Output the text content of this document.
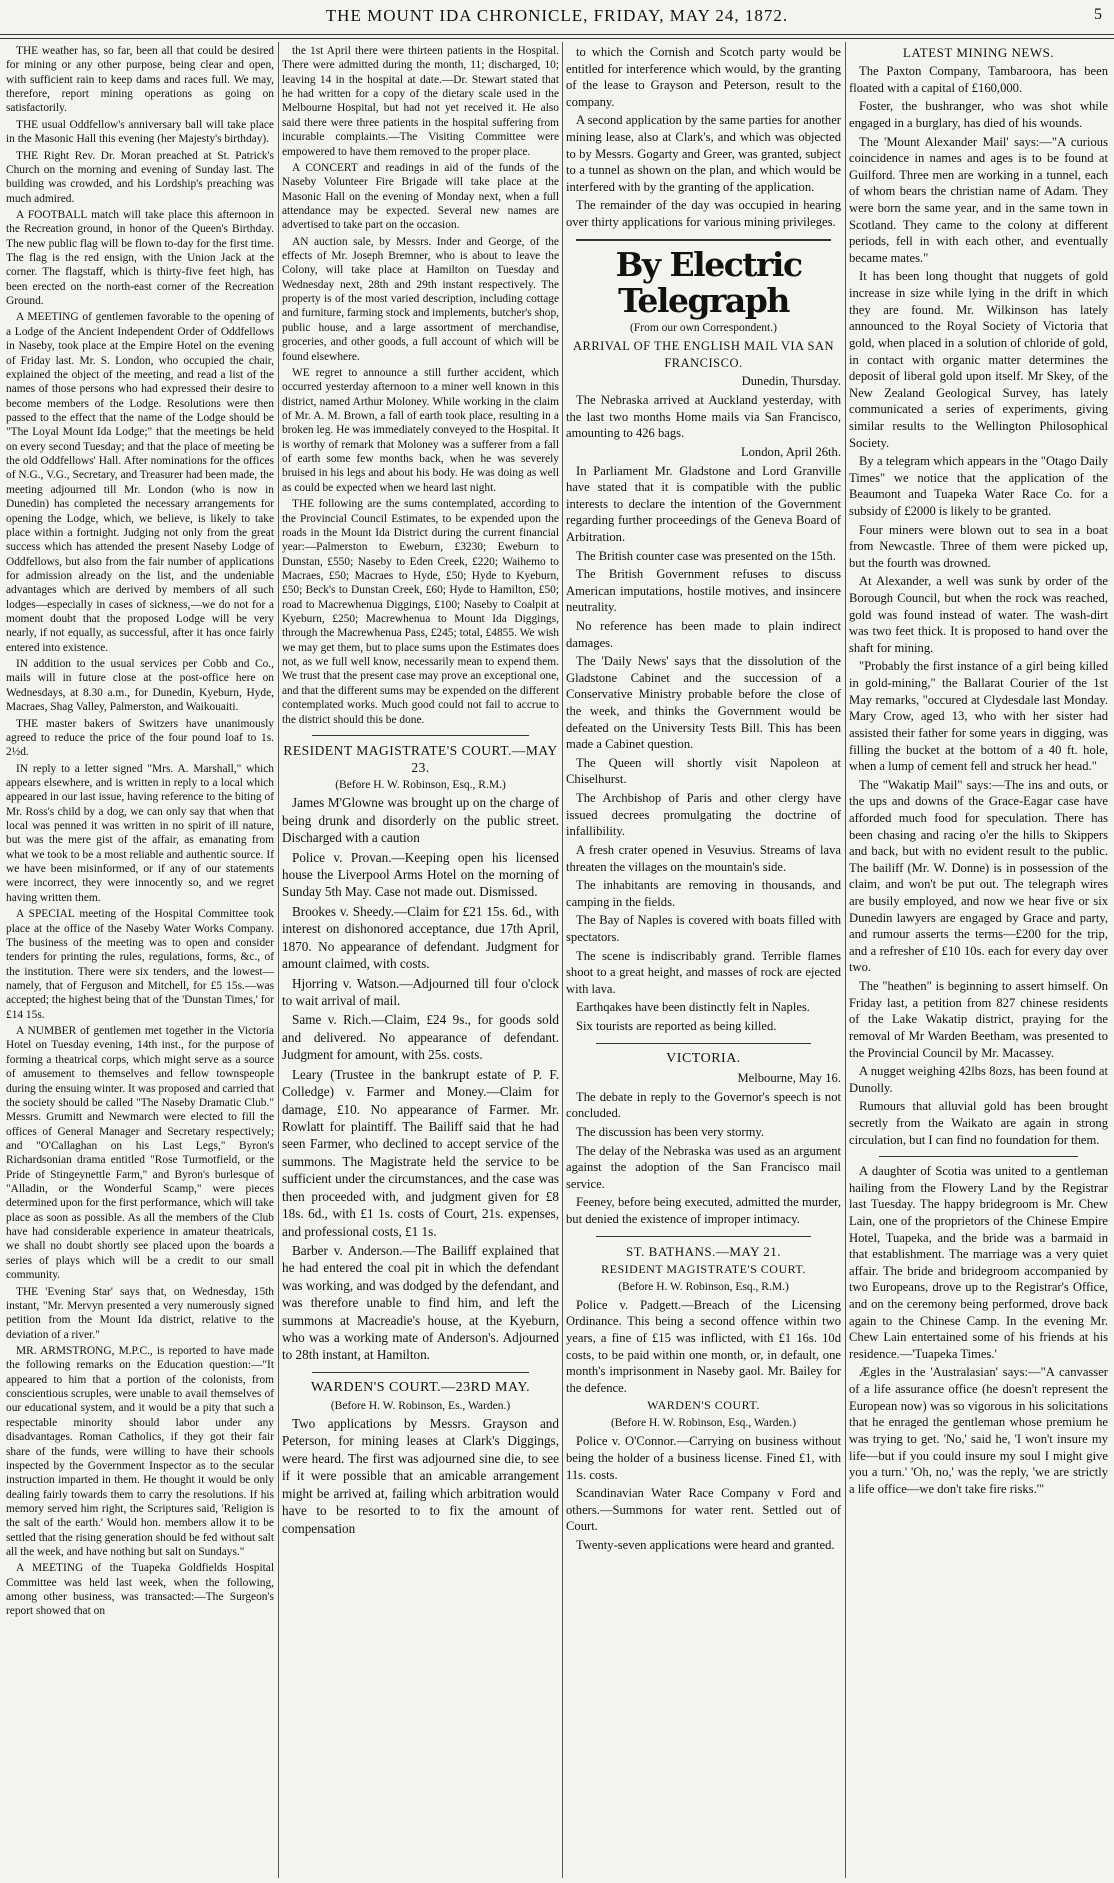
THE MOUNT IDA CHRONICLE, FRIDAY, MAY 24, 1872.	5

THE weather has, so far, been all that could be desired for mining or any other purpose, being clear and open, with sufficient rain to keep dams and races full. We may, therefore, report mining operations as going on satisfactorily.

THE usual Oddfellow's anniversary ball will take place in the Masonic Hall this evening (her Majesty's birthday).

THE Right Rev. Dr. Moran preached at St. Patrick's Church on the morning and evening of Sunday last. The building was crowded, and his Lordship's preaching was much admired.

A FOOTBALL match will take place this afternoon in the Recreation ground, in honor of the Queen's Birthday. The new public flag will be flown to-day for the first time. The flag is the red ensign, with the Union Jack at the corner. The flagstaff, which is thirty-five feet high, has been erected on the north-east corner of the Recreation Ground.

A MEETING of gentlemen favorable to the opening of a Lodge of the Ancient Independent Order of Oddfellows in Naseby, took place at the Empire Hotel on the evening of Friday last. Mr. S. London, who occupied the chair, explained the object of the meeting, and read a list of the names of those persons who had expressed their desire to become members of the Lodge. Resolutions were then passed to the effect that the name of the Lodge should be "The Loyal Mount Ida Lodge;" that the meetings be held on every second Tuesday; and that the place of meeting be the old Oddfellows' Hall. After nominations for the offices of N.G., V.G., Secretary, and Treasurer had been made, the meeting adjourned till Mr. London (who is now in Dunedin) has completed the necessary arrangements for opening the Lodge, which, we believe, is likely to take place within a fortnight. Judging not only from the great success which has attended the present Naseby Lodge of Oddfellows, but also from the fair number of applications for admission already on the list, and the undeniable advantages which are derived by members of all such lodges—especially in cases of sickness,—we do not for a moment doubt that the proposed Lodge will be very nearly, if not equally, as successful, after it has once fairly entered into existence.

IN addition to the usual services per Cobb and Co., mails will in future close at the post-office here on Wednesdays, at 8.30 a.m., for Dunedin, Kyeburn, Hyde, Macraes, Shag Valley, Palmerston, and Waikouaiti.

THE master bakers of Switzers have unanimously agreed to reduce the price of the four pound loaf to 1s. 2½d.

IN reply to a letter signed "Mrs. A. Marshall," which appears elsewhere, and is written in reply to a local which appeared in our last issue, having reference to the biting of Mr. Ross's child by a dog, we can only say that when that local was penned it was written in no spirit of ill nature, but was the mere gist of the affair, as emanating from what we took to be a most reliable and authentic source. If we have been misinformed, or if any of our statements were incorrect, they were innocently so, and we regret having written them.

A SPECIAL meeting of the Hospital Committee took place at the office of the Naseby Water Works Company. The business of the meeting was to open and consider tenders for printing the rules, regulations, forms, &c., of the institution. There were six tenders, and the lowest—namely, that of Ferguson and Mitchell, for £5 15s.—was accepted; the highest being that of the 'Dunstan Times,' for £14 15s.

A NUMBER of gentlemen met together in the Victoria Hotel on Tuesday evening, 14th inst., for the purpose of forming a theatrical corps, which might serve as a source of amusement to themselves and fellow townspeople during the ensuing winter. It was proposed and carried that the society should be called "The Naseby Dramatic Club." Messrs. Grumitt and Newmarch were elected to fill the offices of General Manager and Secretary respectively; and "O'Callaghan on his Last Legs," Byron's Richardsonian drama entitled "Rose Turmotfield, or the Pride of Stingeynettle Farm," and Byron's burlesque of "Alladin, or the Wonderful Scamp," were pieces determined upon for the first performance, which will take place as soon as possible. As all the members of the Club have had considerable experience in amateur theatricals, we shall no doubt shortly see placed upon the boards a series of plays which will be a credit to our small community.

THE 'Evening Star' says that, on Wednesday, 15th instant, "Mr. Mervyn presented a very numerously signed petition from the Mount Ida district, relative to the deviation of a river."

MR. ARMSTRONG, M.P.C., is reported to have made the following remarks on the Education question:—"It appeared to him that a portion of the colonists, from conscientious scruples, were unable to avail themselves of our educational system, and it would be a pity that such a respectable minority should labor under any disadvantages. Roman Catholics, if they got their fair share of the funds, were willing to have their schools inspected by the Government Inspector as to the secular instruction imparted in them. He thought it would be only dealing fairly towards them to carry the resolutions. If his memory served him right, the Scriptures said, 'Religion is the salt of the earth.' Would hon. members allow it to be settled that the rising generation should be fed without salt all the week, and have nothing but salt on Sundays."

A MEETING of the Tuapeka Goldfields Hospital Committee was held last week, when the following, among other business, was transacted:—The Surgeon's report showed that on

the 1st April there were thirteen patients in the Hospital. There were admitted during the month, 11; discharged, 10; leaving 14 in the hospital at date.—Dr. Stewart stated that he had written for a copy of the dietary scale used in the Melbourne Hospital, but had not yet received it. He also said there were three patients in the hospital suffering from incurable complaints.—The Visiting Committee were empowered to have them removed to the proper place.

A CONCERT and readings in aid of the funds of the Naseby Volunteer Fire Brigade will take place at the Masonic Hall on the evening of Monday next, when a full attendance may be expected. Several new names are advertised to take part on the occasion.

AN auction sale, by Messrs. Inder and George, of the effects of Mr. Joseph Bremner, who is about to leave the Colony, will take place at Hamilton on Tuesday and Wednesday next, 28th and 29th instant respectively. The property is of the most varied description, including cottage and furniture, farming stock and implements, butcher's shop, public house, and a large assortment of merchandise, groceries, and other goods, a full account of which will be found elsewhere.

WE regret to announce a still further accident, which occurred yesterday afternoon to a miner well known in this district, named Arthur Moloney. While working in the claim of Mr. A. M. Brown, a fall of earth took place, resulting in a broken leg. He was immediately conveyed to the Hospital. It is worthy of remark that Moloney was a sufferer from a fall of earth some few months back, when he was severely bruised in his legs and about his body. He was doing as well as could be expected when we heard last night.

THE following are the sums contemplated, according to the Provincial Council Estimates, to be expended upon the roads in the Mount Ida District during the current financial year:—Palmerston to Eweburn, £3230; Eweburn to Dunstan, £550; Naseby to Eden Creek, £220; Waihemo to Macraes, £50; Macraes to Hyde, £50; Hyde to Kyeburn, £50; Beck's to Dunstan Creek, £60; Hyde to Hamilton, £50; road to Macrewhenua Diggings, £100; Naseby to Coalpit at Kyeburn, £250; Macrewhenua to Mount Ida Diggings, through the Macrewhenua Pass, £245; total, £4855. We wish we may get them, but to place sums upon the Estimates does not, as we full well know, necessarily mean to expend them. We trust that the present case may prove an exceptional one, and that the different sums may be expended on the different contemplated works. Much good could not fail to accrue to the district should this be done.

RESIDENT MAGISTRATE'S COURT.—MAY 23.

(Before H. W. Robinson, Esq., R.M.)

James M'Glowne was brought up on the charge of being drunk and disorderly on the public street. Discharged with a caution

Police v. Provan.—Keeping open his licensed house the Liverpool Arms Hotel on the morning of Sunday 5th May. Case not made out. Dismissed.

Brookes v. Sheedy.—Claim for £21 15s. 6d., with interest on dishonored acceptance, due 17th April, 1870. No appearance of defendant. Judgment for amount claimed, with costs.

Hjorring v. Watson.—Adjourned till four o'clock to wait arrival of mail.

Same v. Rich.—Claim, £24 9s., for goods sold and delivered. No appearance of defendant. Judgment for amount, with 25s. costs.

Leary (Trustee in the bankrupt estate of P. F. Colledge) v. Farmer and Money.—Claim for damage, £10. No appearance of Farmer. Mr. Rowlatt for plaintiff. The Bailiff said that he had seen Farmer, who declined to accept service of the summons. The Magistrate held the service to be sufficient under the circumstances, and the case was then proceeded with, and judgment given for £8 18s. 6d., with £1 1s. costs of Court, 21s. expenses, and professional costs, £1 1s.

Barber v. Anderson.—The Bailiff explained that he had entered the coal pit in which the defendant was working, and was dodged by the defendant, and was therefore unable to find him, and left the summons at Macreadie's house, at the Kyeburn, who was a working mate of Anderson's. Adjourned to 28th instant, at Hamilton.

WARDEN'S COURT.—23RD MAY.

(Before H. W. Robinson, Es., Warden.)

Two applications by Messrs. Grayson and Peterson, for mining leases at Clark's Diggings, were heard. The first was adjourned sine die, to see if it were possible that an amicable arrangement might be arrived at, failing which arbitration would have to be resorted to to fix the amount of compensation

to which the Cornish and Scotch party would be entitled for interference which would, by the granting of the lease to Grayson and Peterson, result to the company.

A second application by the same parties for another mining lease, also at Clark's, and which was objected to by Messrs. Gogarty and Greer, was granted, subject to a tunnel as shown on the plan, and which would be interfered with by the granting of the application.

The remainder of the day was occupied in hearing over thirty applications for various mining privileges.

By Electric Telegraph

(From our own Correspondent.)

ARRIVAL OF THE ENGLISH MAIL VIA SAN FRANCISCO.

Dunedin, Thursday.

The Nebraska arrived at Auckland yesterday, with the last two months Home mails via San Francisco, amounting to 426 bags.

London, April 26th.

In Parliament Mr. Gladstone and Lord Granville have stated that it is compatible with the public interests to declare the intention of the Government regarding further proceedings of the Geneva Board of Arbitration.

The British counter case was presented on the 15th.

The British Government refuses to discuss American imputations, hostile motives, and insincere neutrality.

No reference has been made to plain indirect damages.

The 'Daily News' says that the dissolution of the Gladstone Cabinet and the succession of a Conservative Ministry probable before the close of the week, and thinks the Government would be defeated on the University Tests Bill. This has been made a Cabinet question.

The Queen will shortly visit Napoleon at Chiselhurst.

The Archbishop of Paris and other clergy have issued decrees promulgating the doctrine of infallibility.

A fresh crater opened in Vesuvius. Streams of lava threaten the villages on the mountain's side.

The inhabitants are removing in thousands, and camping in the fields.

The Bay of Naples is covered with boats filled with spectators.

The scene is indiscribably grand. Terrible flames shoot to a great height, and masses of rock are ejected with lava.

Earthqakes have been distinctly felt in Naples.

Six tourists are reported as being killed.

VICTORIA.

Melbourne, May 16.

The debate in reply to the Governor's speech is not concluded.

The discussion has been very stormy.

The delay of the Nebraska was used as an argument against the adoption of the San Francisco mail service.

Feeney, before being executed, admitted the murder, but denied the existence of improper intimacy.

ST. BATHANS.—MAY 21.

RESIDENT MAGISTRATE'S COURT.

(Before H. W. Robinson, Esq., R.M.)

Police v. Padgett.—Breach of the Licensing Ordinance. This being a second offence within two years, a fine of £15 was inflicted, with £1 16s. 10d costs, to be paid within one month, or, in default, one month's imprisonment in Naseby gaol. Mr. Bailey for the defence.

WARDEN'S COURT.

(Before H. W. Robinson, Esq., Warden.)

Police v. O'Connor.—Carrying on business without being the holder of a business license. Fined £1, with 11s. costs.

Scandinavian Water Race Company v Ford and others.—Summons for water rent. Settled out of Court.

Twenty-seven applications were heard and granted.

LATEST MINING NEWS.

The Paxton Company, Tambaroora, has been floated with a capital of £160,000.

Foster, the bushranger, who was shot while engaged in a burglary, has died of his wounds.

The 'Mount Alexander Mail' says:—"A curious coincidence in names and ages is to be found at Guilford. Three men are working in a tunnel, each of whom bears the christian name of Adam. They were born the same year, and in the same town in Scotland. They came to the colony at different periods, fell in with each other, and eventually became mates."

It has been long thought that nuggets of gold increase in size while lying in the drift in which they are found. Mr. Wilkinson has lately announced to the Royal Society of Victoria that gold, when placed in a solution of chloride of gold, in contact with organic matter determines the deposit of liberal gold upon itself. Mr Skey, of the New Zealand Geological Survey, has lately communicated a series of experiments, giving similar results to the Wellington Philosophical Society.

By a telegram which appears in the "Otago Daily Times" we notice that the application of the Beaumont and Tuapeka Water Race Co. for a subsidy of £2000 is likely to be granted.

Four miners were blown out to sea in a boat from Newcastle. Three of them were picked up, but the fourth was drowned.

At Alexander, a well was sunk by order of the Borough Council, but when the rock was reached, gold was found instead of water. The wash-dirt was two feet thick. It is proposed to hand over the shaft for mining.

"Probably the first instance of a girl being killed in gold-mining," the Ballarat Courier of the 1st May remarks, "occured at Clydesdale last Monday. Mary Crow, aged 13, who with her sister had assisted their father for some years in digging, was filling the bucket at the bottom of a 40 ft. hole, when a lump of cement fell and struck her head."

The "Wakatip Mail" says:—The ins and outs, or the ups and downs of the Grace-Eagar case have afforded much food for speculation. There has been chasing and racing o'er the hills to Skippers and back, but with no evident result to the public. The bailiff (Mr. W. Donne) is in possession of the claim, and won't be put out. The telegraph wires are busily employed, and now we hear five or six Dunedin lawyers are engaged by Grace and party, and rumour asserts the terms—£200 for the trip, and a refresher of £10 10s. each for every day over two.

The "heathen" is beginning to assert himself. On Friday last, a petition from 827 chinese residents of the Lake Wakatip district, praying for the removal of Mr Warden Beetham, was presented to the Provincial Council by Mr. Macassey.

A nugget weighing 42lbs 8ozs, has been found at Dunolly.

Rumours that alluvial gold has been brought secretly from the Waikato are again in strong circulation, but I can find no foundation for them.

A daughter of Scotia was united to a gentleman hailing from the Flowery Land by the Registrar last Tuesday. The happy bridegroom is Mr. Chew Lain, one of the proprietors of the Chinese Empire Hotel, Tuapeka, and the bride was a barmaid in that establishment. The marriage was a very quiet affair. The bride and bridegroom accompanied by two Europeans, drove up to the Registrar's Office, and on the ceremony being performed, drove back again to the Chinese Camp. In the evening Mr. Chew Lain entertained some of his friends at his residence.—'Tuapeka Times.'

Ægles in the 'Australasian' says:—"A canvasser of a life assurance office (he doesn't represent the European now) was so vigorous in his solicitations that he enraged the gentleman whose premium he was trying to get. 'No,' said he, 'I won't insure my life—but if you could insure my soul I might give you a turn.' 'Oh, no,' was the reply, 'we are strictly a life office—we don't take fire risks.'"
